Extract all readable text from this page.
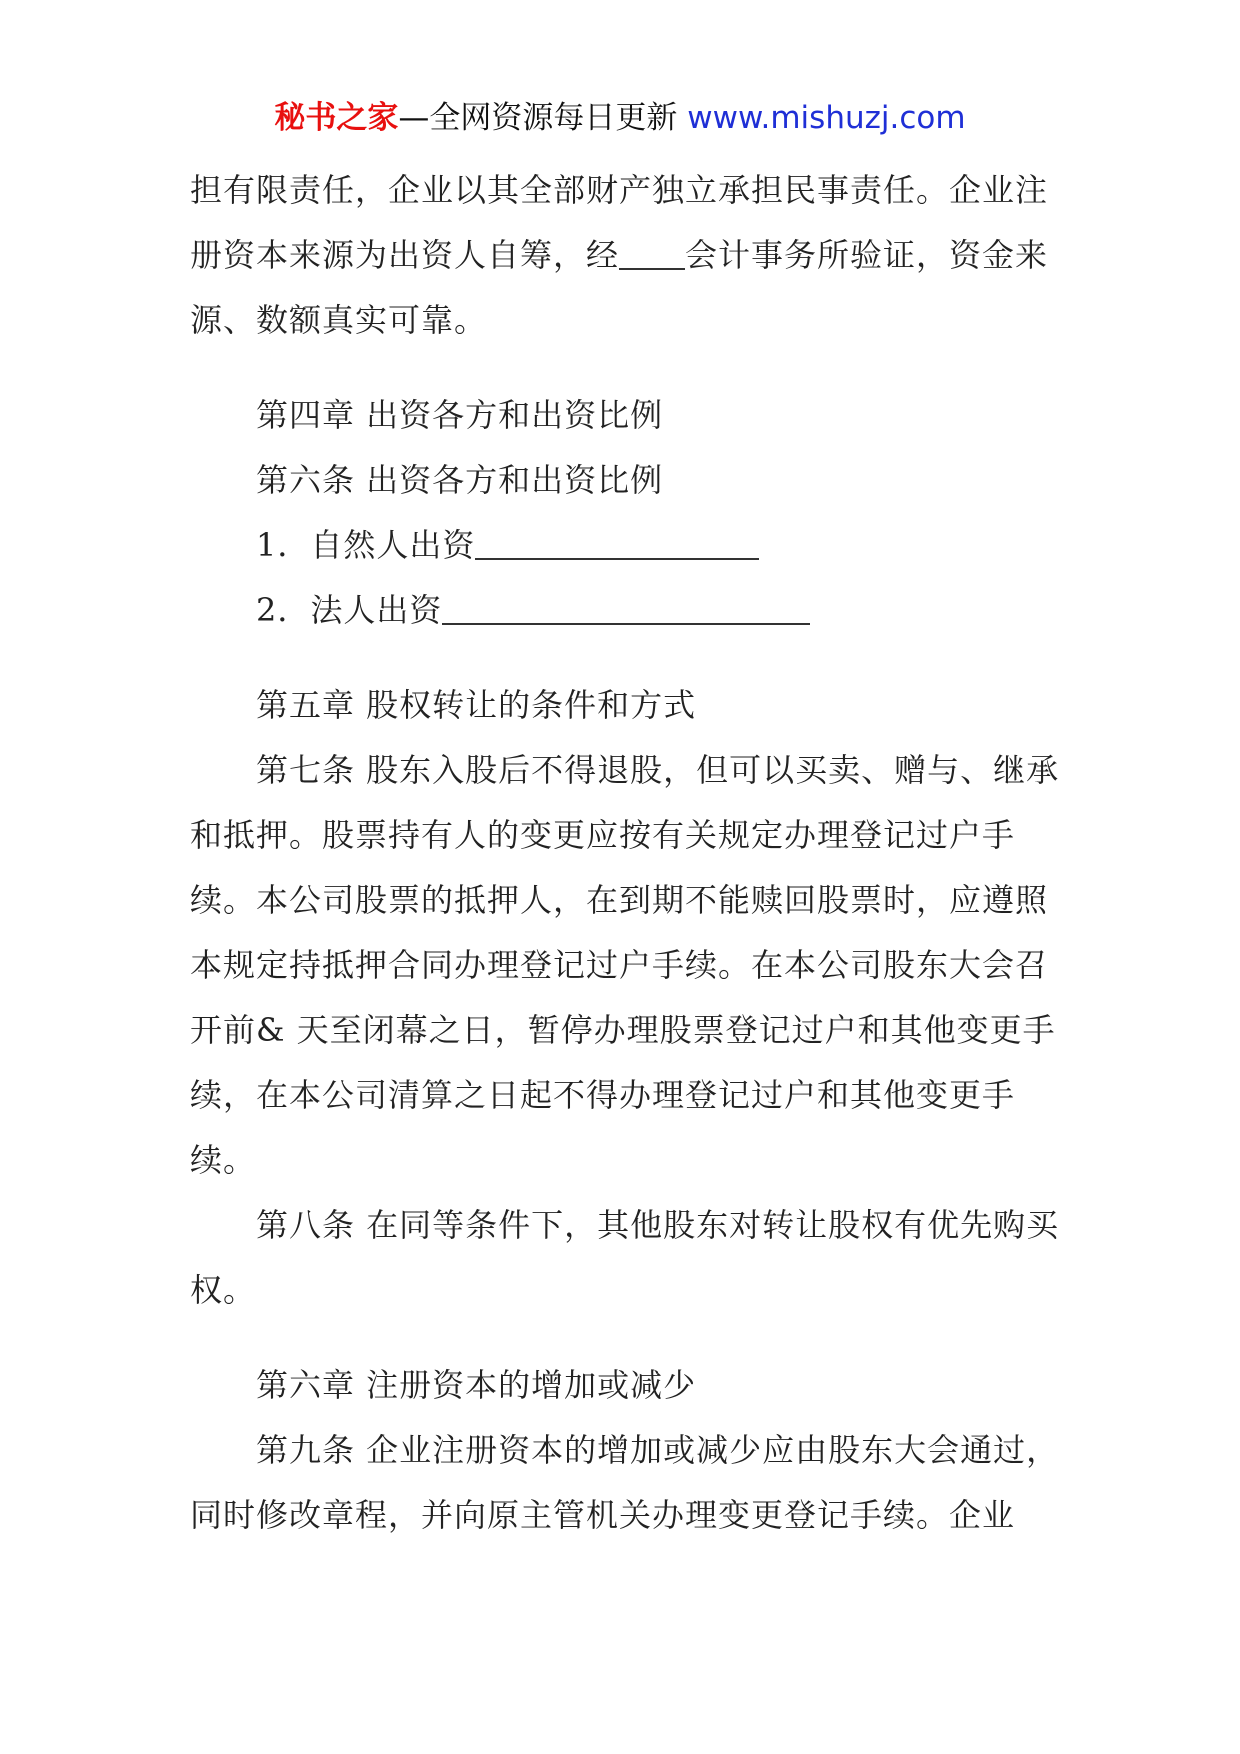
秘书之家—全网资源每日更新 www.mishuzj.com

担有限责任，企业以其全部财产独立承担民事责任。企业注册资本来源为出资人自筹，经 会计事务所验证，资金来源、数额真实可靠。

第四章 出资各方和出资比例

第六条 出资各方和出资比例

1．自然人出资

2．法人出资

第五章 股权转让的条件和方式

第七条 股东入股后不得退股，但可以买卖、赠与、继承和抵押。股票持有人的变更应按有关规定办理登记过户手续。本公司股票的抵押人，在到期不能赎回股票时，应遵照本规定持抵押合同办理登记过户手续。在本公司股东大会召开前& 天至闭幕之日，暂停办理股票登记过户和其他变更手续，在本公司清算之日起不得办理登记过户和其他变更手续。

第八条 在同等条件下，其他股东对转让股权有优先购买权。

第六章 注册资本的增加或减少

第九条 企业注册资本的增加或减少应由股东大会通过，同时修改章程，并向原主管机关办理变更登记手续。企业
